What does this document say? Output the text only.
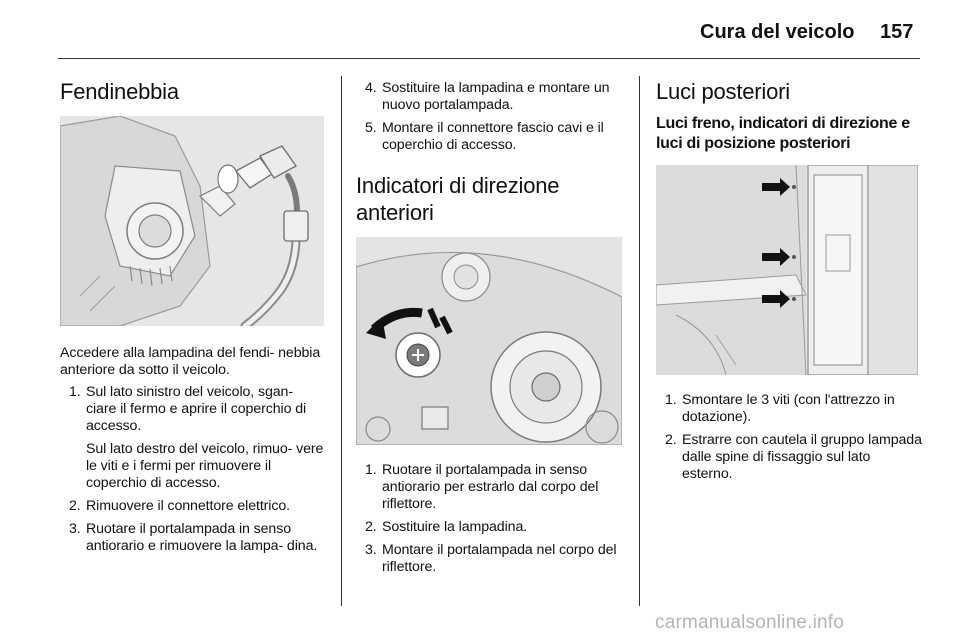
Cura del veicolo 157
Fendinebbia

Accedere alla lampadina del fendi- nebbia anteriore da sotto il veicolo.

1. Sul lato sinistro del veicolo, sgan- ciare il fermo e aprire il coperchio di accesso.
Sul lato destro del veicolo, rimuo- vere le viti e i fermi per rimuovere il coperchio di accesso.
2. Rimuovere il connettore elettrico.
3. Ruotare il portalampada in senso antiorario e rimuovere la lampa- dina.
4. Sostituire la lampadina e montare un nuovo portalampada.
5. Montare il connettore fascio cavi e il coperchio di accesso.
Indicatori di direzione anteriori
1. Ruotare il portalampada in senso antiorario per estrarlo dal corpo del riflettore.
2. Sostituire la lampadina.
3. Montare il portalampada nel corpo del riflettore.
Luci posteriori
Luci freno, indicatori di direzione e luci di posizione posteriori
1. Smontare le 3 viti (con l'attrezzo in dotazione).
2. Estrarre con cautela il gruppo lampada dalle spine di fissaggio sul lato esterno.
carmanualsonline.info
